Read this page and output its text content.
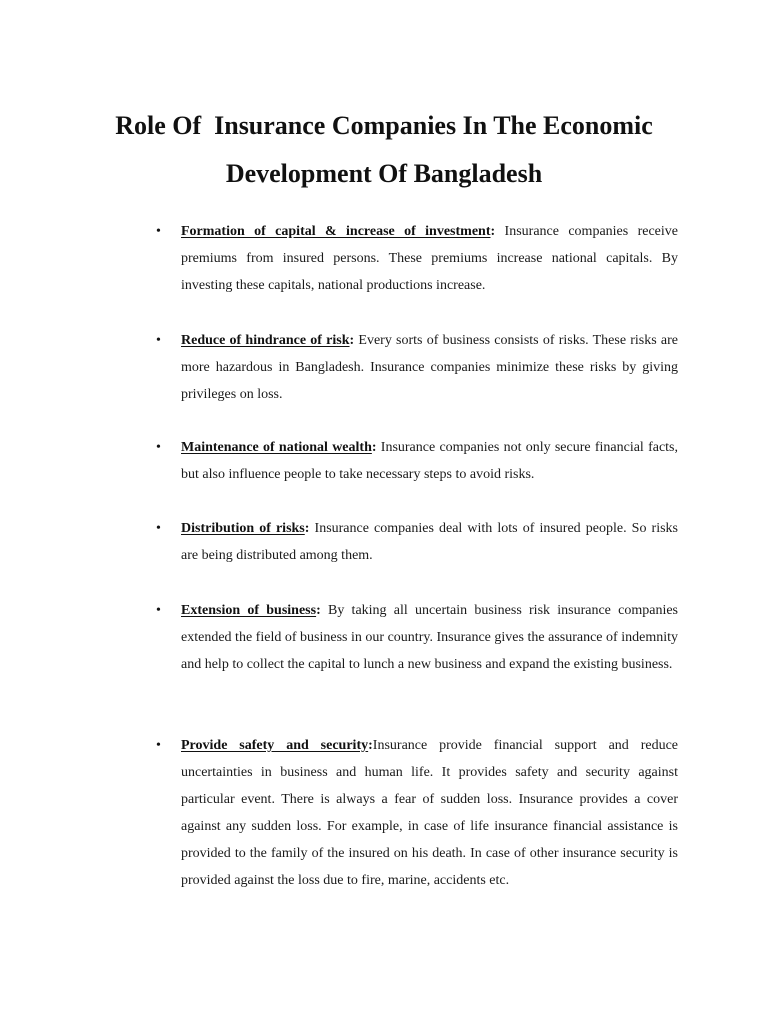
Role Of  Insurance Companies In The Economic
Development Of Bangladesh
• Formation of capital & increase of investment: Insurance companies receive premiums from insured persons. These premiums increase national capitals. By investing these capitals, national productions increase.
• Reduce of hindrance of risk: Every sorts of business consists of risks. These risks are more hazardous in Bangladesh. Insurance companies minimize these risks by giving privileges on loss.
• Maintenance of national wealth: Insurance companies not only secure financial facts, but also influence people to take necessary steps to avoid risks.
• Distribution of risks: Insurance companies deal with lots of insured people. So risks are being distributed among them.
• Extension of business: By taking all uncertain business risk insurance companies extended the field of business in our country. Insurance gives the assurance of indemnity and help to collect the capital to lunch a new business and expand the existing business.
• Provide safety and security:Insurance provide financial support and reduce uncertainties in business and human life. It provides safety and security against particular event. There is always a fear of sudden loss. Insurance provides a cover against any sudden loss. For example, in case of life insurance financial assistance is provided to the family of the insured on his death. In case of other insurance security is provided against the loss due to fire, marine, accidents etc.
